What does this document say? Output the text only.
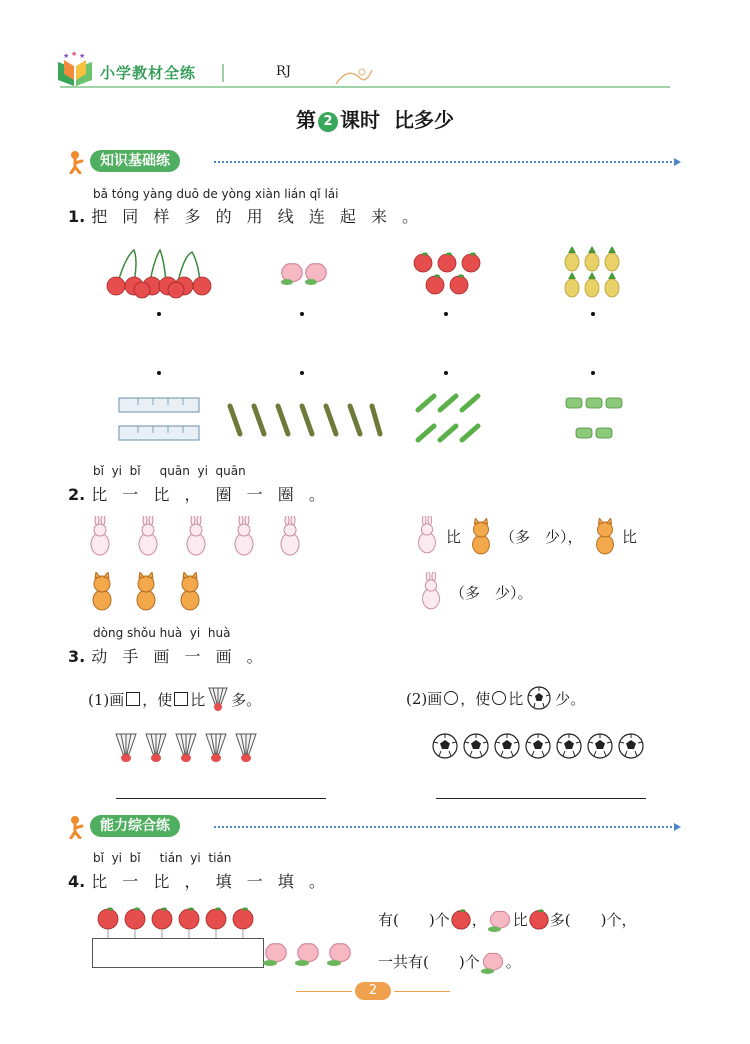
★ ★ ★
小学教材全练	RJ
第 2 课时  比多少
知识基础练
bǎ tóng yàng duō de yòng xiàn lián qǐ lái
1. 把 同 样 多 的 用 线 连 起 来 。
bǐ  yi  bǐ     quān  yi  quān
2. 比 一 比 ， 圈 一 圈 。
比	（多　少），	比
（多　少）。
dòng shǒu huà  yi  huà
3. 动 手 画 一 画 。
(1)画 ，使 比 多。	(2)画 ，使 比 少。
能力综合练
bǐ  yi  bǐ     tián  yi  tián
4. 比 一 比 ， 填 一 填 。
有(　　)个 ， 比 多(　　)个，
一共有(　　)个 。
2
